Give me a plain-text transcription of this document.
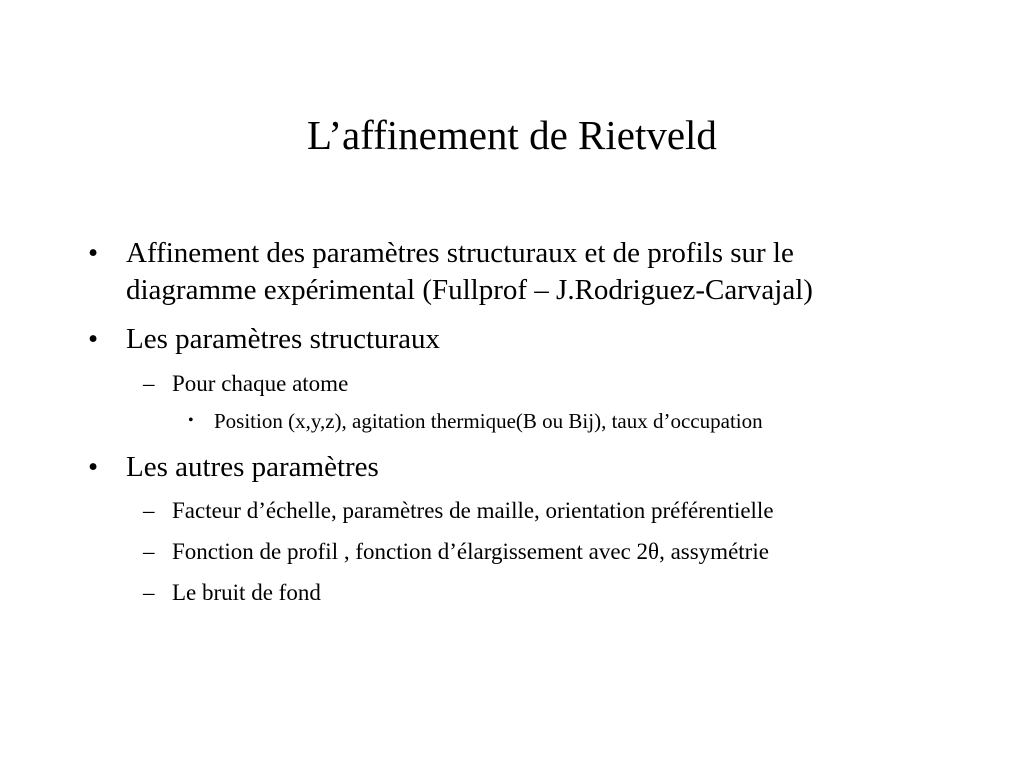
L’affinement de Rietveld
• Affinement des paramètres structuraux et de profils sur le
diagramme expérimental (Fullprof – J.Rodriguez-Carvajal)
• Les paramètres structuraux
– Pour chaque atome
• Position (x,y,z), agitation thermique(B ou Bij), taux d’occupation
• Les autres paramètres
– Facteur d’échelle, paramètres de maille, orientation préférentielle
– Fonction de profil , fonction d’élargissement avec 2θ, assymétrie
– Le bruit de fond
